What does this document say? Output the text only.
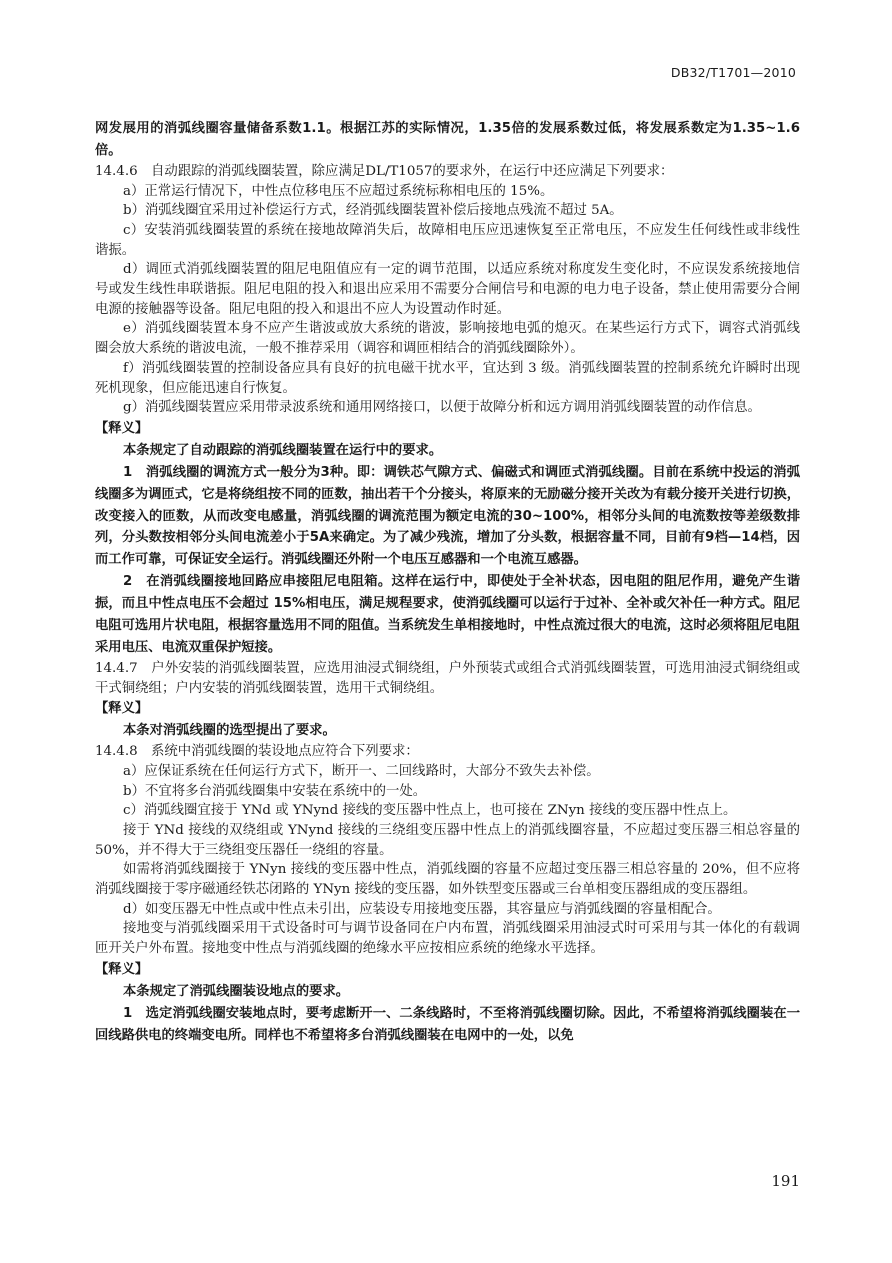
DB32/T1701—2010

网发展用的消弧线圈容量储备系数1.1。根据江苏的实际情况，1.35倍的发展系数过低，将发展系数定为1.35~1.6倍。

14.4.6　自动跟踪的消弧线圈装置，除应满足DL/T1057的要求外，在运行中还应满足下列要求：

a）正常运行情况下，中性点位移电压不应超过系统标称相电压的 15%。

b）消弧线圈宜采用过补偿运行方式，经消弧线圈装置补偿后接地点残流不超过 5A。

c）安装消弧线圈装置的系统在接地故障消失后，故障相电压应迅速恢复至正常电压，不应发生任何线性或非线性谐振。

d）调匝式消弧线圈装置的阻尼电阻值应有一定的调节范围，以适应系统对称度发生变化时，不应误发系统接地信号或发生线性串联谐振。阻尼电阻的投入和退出应采用不需要分合闸信号和电源的电力电子设备，禁止使用需要分合闸电源的接触器等设备。阻尼电阻的投入和退出不应人为设置动作时延。

e）消弧线圈装置本身不应产生谐波或放大系统的谐波，影响接地电弧的熄灭。在某些运行方式下，调容式消弧线圈会放大系统的谐波电流，一般不推荐采用（调容和调匝相结合的消弧线圈除外）。

f）消弧线圈装置的控制设备应具有良好的抗电磁干扰水平，宜达到 3 级。消弧线圈装置的控制系统允许瞬时出现死机现象，但应能迅速自行恢复。

g）消弧线圈装置应采用带录波系统和通用网络接口，以便于故障分析和远方调用消弧线圈装置的动作信息。

【释义】

本条规定了自动跟踪的消弧线圈装置在运行中的要求。

1　消弧线圈的调流方式一般分为3种。即：调铁芯气隙方式、偏磁式和调匝式消弧线圈。目前在系统中投运的消弧线圈多为调匝式，它是将绕组按不同的匝数，抽出若干个分接头，将原来的无励磁分接开关改为有载分接开关进行切换，改变接入的匝数，从而改变电感量，消弧线圈的调流范围为额定电流的30~100%，相邻分头间的电流数按等差级数排列，分头数按相邻分头间电流差小于5A来确定。为了减少残流，增加了分头数，根据容量不同，目前有9档—14档，因而工作可靠，可保证安全运行。消弧线圈还外附一个电压互感器和一个电流互感器。

2　在消弧线圈接地回路应串接阻尼电阻箱。这样在运行中，即使处于全补状态，因电阻的阻尼作用，避免产生谐振，而且中性点电压不会超过 15%相电压，满足规程要求，使消弧线圈可以运行于过补、全补或欠补任一种方式。阻尼电阻可选用片状电阻，根据容量选用不同的阻值。当系统发生单相接地时，中性点流过很大的电流，这时必须将阻尼电阻

采用电压、电流双重保护短接。

14.4.7　户外安装的消弧线圈装置，应选用油浸式铜绕组，户外预装式或组合式消弧线圈装置，可选用油浸式铜绕组或干式铜绕组；户内安装的消弧线圈装置，选用干式铜绕组。

【释义】

本条对消弧线圈的选型提出了要求。

14.4.8　系统中消弧线圈的装设地点应符合下列要求：

a）应保证系统在任何运行方式下，断开一、二回线路时，大部分不致失去补偿。

b）不宜将多台消弧线圈集中安装在系统中的一处。

c）消弧线圈宜接于 YNd 或 YNynd 接线的变压器中性点上，也可接在 ZNyn 接线的变压器中性点上。

接于 YNd 接线的双绕组或 YNynd 接线的三绕组变压器中性点上的消弧线圈容量，不应超过变压器三相总容量的 50%，并不得大于三绕组变压器任一绕组的容量。

如需将消弧线圈接于 YNyn 接线的变压器中性点，消弧线圈的容量不应超过变压器三相总容量的 20%，但不应将消弧线圈接于零序磁通经铁芯闭路的 YNyn 接线的变压器，如外铁型变压器或三台单相变压器组成的变压器组。

d）如变压器无中性点或中性点未引出，应装设专用接地变压器，其容量应与消弧线圈的容量相配合。

接地变与消弧线圈采用干式设备时可与调节设备同在户内布置，消弧线圈采用油浸式时可采用与其一体化的有载调匝开关户外布置。接地变中性点与消弧线圈的绝缘水平应按相应系统的绝缘水平选择。

【释义】

本条规定了消弧线圈装设地点的要求。

1　选定消弧线圈安装地点时，要考虑断开一、二条线路时，不至将消弧线圈切除。因此，不希望将消弧线圈装在一回线路供电的终端变电所。同样也不希望将多台消弧线圈装在电网中的一处，以免

191
